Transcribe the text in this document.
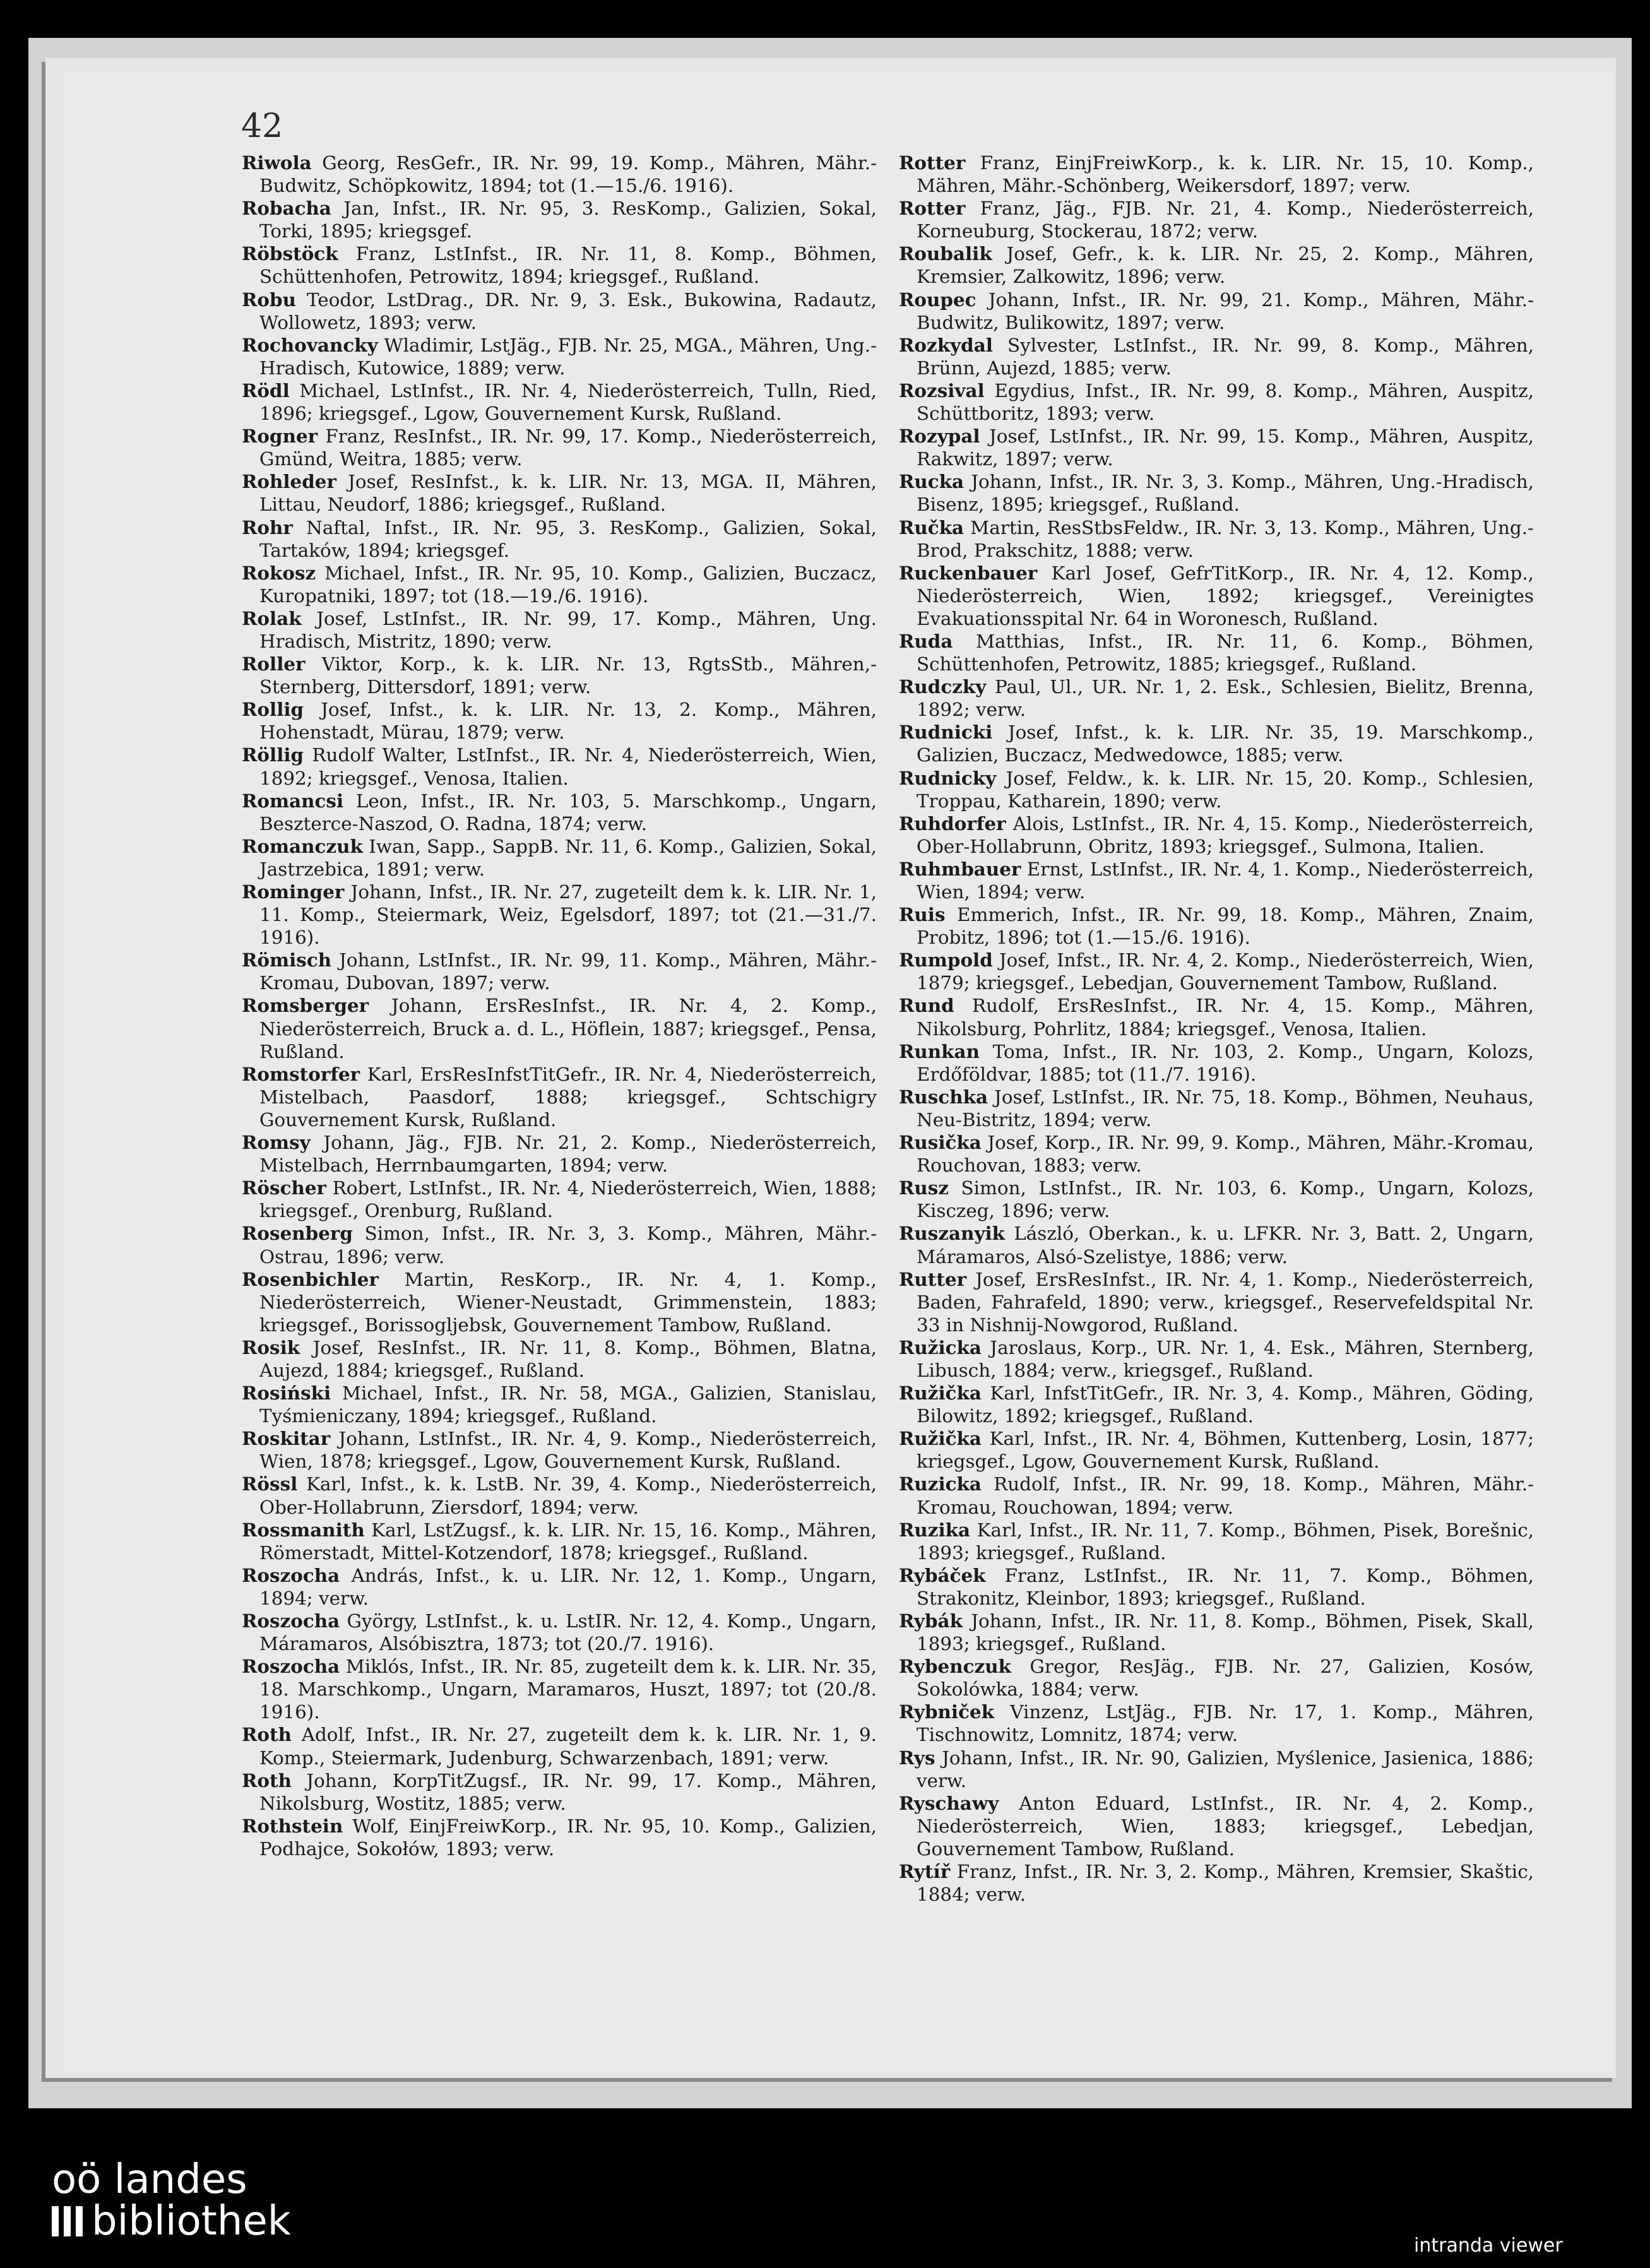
42
Riwola Georg, ResGefr., IR. Nr. 99, 19. Komp., Mähren, Mähr.-Budwitz, Schöpkowitz, 1894; tot (1.—15./6. 1916).
Robacha Jan, Infst., IR. Nr. 95, 3. ResKomp., Galizien, Sokal, Torki, 1895; kriegsgef.
Röbstöck Franz, LstInfst., IR. Nr. 11, 8. Komp., Böhmen, Schüttenhofen, Petrowitz, 1894; kriegsgef., Rußland.
Robu Teodor, LstDrag., DR. Nr. 9, 3. Esk., Bukowina, Radautz, Wollowetz, 1893; verw.
Rochovancky Wladimir, LstJäg., FJB. Nr. 25, MGA., Mähren, Ung.-Hradisch, Kutowice, 1889; verw.
Rödl Michael, LstInfst., IR. Nr. 4, Niederösterreich, Tulln, Ried, 1896; kriegsgef., Lgow, Gouvernement Kursk, Rußland.
Rogner Franz, ResInfst., IR. Nr. 99, 17. Komp., Niederösterreich, Gmünd, Weitra, 1885; verw.
Rohleder Josef, ResInfst., k. k. LIR. Nr. 13, MGA. II, Mähren, Littau, Neudorf, 1886; kriegsgef., Rußland.
Rohr Naftal, Infst., IR. Nr. 95, 3. ResKomp., Galizien, Sokal, Tartaków, 1894; kriegsgef.
Rokosz Michael, Infst., IR. Nr. 95, 10. Komp., Galizien, Buczacz, Kuropatniki, 1897; tot (18.—19./6. 1916).
Rolak Josef, LstInfst., IR. Nr. 99, 17. Komp., Mähren, Ung. Hradisch, Mistritz, 1890; verw.
Roller Viktor, Korp., k. k. LIR. Nr. 13, RgtsStb., Mähren,-Sternberg, Dittersdorf, 1891; verw.
Rollig Josef, Infst., k. k. LIR. Nr. 13, 2. Komp., Mähren, Hohenstadt, Mürau, 1879; verw.
Röllig Rudolf Walter, LstInfst., IR. Nr. 4, Niederösterreich, Wien, 1892; kriegsgef., Venosa, Italien.
Romancsi Leon, Infst., IR. Nr. 103, 5. Marschkomp., Ungarn, Beszterce-Naszod, O. Radna, 1874; verw.
Romanczuk Iwan, Sapp., SappB. Nr. 11, 6. Komp., Galizien, Sokal, Jastrzebica, 1891; verw.
Rominger Johann, Infst., IR. Nr. 27, zugeteilt dem k. k. LIR. Nr. 1, 11. Komp., Steiermark, Weiz, Egelsdorf, 1897; tot (21.—31./7. 1916).
Römisch Johann, LstInfst., IR. Nr. 99, 11. Komp., Mähren, Mähr.-Kromau, Dubovan, 1897; verw.
Romsberger Johann, ErsResInfst., IR. Nr. 4, 2. Komp., Niederösterreich, Bruck a. d. L., Höflein, 1887; kriegsgef., Pensa, Rußland.
Romstorfer Karl, ErsResInfstTitGefr., IR. Nr. 4, Niederösterreich, Mistelbach, Paasdorf, 1888; kriegsgef., Schtschigry Gouvernement Kursk, Rußland.
Romsy Johann, Jäg., FJB. Nr. 21, 2. Komp., Niederösterreich, Mistelbach, Herrnbaumgarten, 1894; verw.
Röscher Robert, LstInfst., IR. Nr. 4, Niederösterreich, Wien, 1888; kriegsgef., Orenburg, Rußland.
Rosenberg Simon, Infst., IR. Nr. 3, 3. Komp., Mähren, Mähr.-Ostrau, 1896; verw.
Rosenbichler Martin, ResKorp., IR. Nr. 4, 1. Komp., Niederösterreich, Wiener-Neustadt, Grimmenstein, 1883; kriegsgef., Borissogljebsk, Gouvernement Tambow, Rußland.
Rosik Josef, ResInfst., IR. Nr. 11, 8. Komp., Böhmen, Blatna, Aujezd, 1884; kriegsgef., Rußland.
Rosiński Michael, Infst., IR. Nr. 58, MGA., Galizien, Stanislau, Tyśmieniczany, 1894; kriegsgef., Rußland.
Roskitar Johann, LstInfst., IR. Nr. 4, 9. Komp., Niederösterreich, Wien, 1878; kriegsgef., Lgow, Gouvernement Kursk, Rußland.
Rössl Karl, Infst., k. k. LstB. Nr. 39, 4. Komp., Niederösterreich, Ober-Hollabrunn, Ziersdorf, 1894; verw.
Rossmanith Karl, LstZugsf., k. k. LIR. Nr. 15, 16. Komp., Mähren, Römerstadt, Mittel-Kotzendorf, 1878; kriegsgef., Rußland.
Roszocha András, Infst., k. u. LIR. Nr. 12, 1. Komp., Ungarn, 1894; verw.
Roszocha György, LstInfst., k. u. LstIR. Nr. 12, 4. Komp., Ungarn, Máramaros, Alsóbisztra, 1873; tot (20./7. 1916).
Roszocha Miklós, Infst., IR. Nr. 85, zugeteilt dem k. k. LIR. Nr. 35, 18. Marschkomp., Ungarn, Maramaros, Huszt, 1897; tot (20./8. 1916).
Roth Adolf, Infst., IR. Nr. 27, zugeteilt dem k. k. LIR. Nr. 1, 9. Komp., Steiermark, Judenburg, Schwarzenbach, 1891; verw.
Roth Johann, KorpTitZugsf., IR. Nr. 99, 17. Komp., Mähren, Nikolsburg, Wostitz, 1885; verw.
Rothstein Wolf, EinjFreiwKorp., IR. Nr. 95, 10. Komp., Galizien, Podhajce, Sokołów, 1893; verw.
Rotter Franz, EinjFreiwKorp., k. k. LIR. Nr. 15, 10. Komp., Mähren, Mähr.-Schönberg, Weikersdorf, 1897; verw.
Rotter Franz, Jäg., FJB. Nr. 21, 4. Komp., Niederösterreich, Korneuburg, Stockerau, 1872; verw.
Roubalik Josef, Gefr., k. k. LIR. Nr. 25, 2. Komp., Mähren, Kremsier, Zalkowitz, 1896; verw.
Roupec Johann, Infst., IR. Nr. 99, 21. Komp., Mähren, Mähr.-Budwitz, Bulikowitz, 1897; verw.
Rozkydal Sylvester, LstInfst., IR. Nr. 99, 8. Komp., Mähren, Brünn, Aujezd, 1885; verw.
Rozsival Egydius, Infst., IR. Nr. 99, 8. Komp., Mähren, Auspitz, Schüttboritz, 1893; verw.
Rozypal Josef, LstInfst., IR. Nr. 99, 15. Komp., Mähren, Auspitz, Rakwitz, 1897; verw.
Rucka Johann, Infst., IR. Nr. 3, 3. Komp., Mähren, Ung.-Hradisch, Bisenz, 1895; kriegsgef., Rußland.
Ručka Martin, ResStbsFeldw., IR. Nr. 3, 13. Komp., Mähren, Ung.-Brod, Prakschitz, 1888; verw.
Ruckenbauer Karl Josef, GefrTitKorp., IR. Nr. 4, 12. Komp., Niederösterreich, Wien, 1892; kriegsgef., Vereinigtes Evakuationsspital Nr. 64 in Woronesch, Rußland.
Ruda Matthias, Infst., IR. Nr. 11, 6. Komp., Böhmen, Schüttenhofen, Petrowitz, 1885; kriegsgef., Rußland.
Rudczky Paul, Ul., UR. Nr. 1, 2. Esk., Schlesien, Bielitz, Brenna, 1892; verw.
Rudnicki Josef, Infst., k. k. LIR. Nr. 35, 19. Marschkomp., Galizien, Buczacz, Medwedowce, 1885; verw.
Rudnicky Josef, Feldw., k. k. LIR. Nr. 15, 20. Komp., Schlesien, Troppau, Katharein, 1890; verw.
Ruhdorfer Alois, LstInfst., IR. Nr. 4, 15. Komp., Niederösterreich, Ober-Hollabrunn, Obritz, 1893; kriegsgef., Sulmona, Italien.
Ruhmbauer Ernst, LstInfst., IR. Nr. 4, 1. Komp., Niederösterreich, Wien, 1894; verw.
Ruis Emmerich, Infst., IR. Nr. 99, 18. Komp., Mähren, Znaim, Probitz, 1896; tot (1.—15./6. 1916).
Rumpold Josef, Infst., IR. Nr. 4, 2. Komp., Niederösterreich, Wien, 1879; kriegsgef., Lebedjan, Gouvernement Tambow, Rußland.
Rund Rudolf, ErsResInfst., IR. Nr. 4, 15. Komp., Mähren, Nikolsburg, Pohrlitz, 1884; kriegsgef., Venosa, Italien.
Runkan Toma, Infst., IR. Nr. 103, 2. Komp., Ungarn, Kolozs, Erdőföldvar, 1885; tot (11./7. 1916).
Ruschka Josef, LstInfst., IR. Nr. 75, 18. Komp., Böhmen, Neuhaus, Neu-Bistritz, 1894; verw.
Rusička Josef, Korp., IR. Nr. 99, 9. Komp., Mähren, Mähr.-Kromau, Rouchovan, 1883; verw.
Rusz Simon, LstInfst., IR. Nr. 103, 6. Komp., Ungarn, Kolozs, Kisczeg, 1896; verw.
Ruszanyik László, Oberkan., k. u. LFKR. Nr. 3, Batt. 2, Ungarn, Máramaros, Alsó-Szelistye, 1886; verw.
Rutter Josef, ErsResInfst., IR. Nr. 4, 1. Komp., Niederösterreich, Baden, Fahrafeld, 1890; verw., kriegsgef., Reservefeldspital Nr. 33 in Nishnij-Nowgorod, Rußland.
Ružicka Jaroslaus, Korp., UR. Nr. 1, 4. Esk., Mähren, Sternberg, Libusch, 1884; verw., kriegsgef., Rußland.
Ružička Karl, InfstTitGefr., IR. Nr. 3, 4. Komp., Mähren, Göding, Bilowitz, 1892; kriegsgef., Rußland.
Ružička Karl, Infst., IR. Nr. 4, Böhmen, Kuttenberg, Losin, 1877; kriegsgef., Lgow, Gouvernement Kursk, Rußland.
Ruzicka Rudolf, Infst., IR. Nr. 99, 18. Komp., Mähren, Mähr.-Kromau, Rouchowan, 1894; verw.
Ruzika Karl, Infst., IR. Nr. 11, 7. Komp., Böhmen, Pisek, Borešnic, 1893; kriegsgef., Rußland.
Rybáček Franz, LstInfst., IR. Nr. 11, 7. Komp., Böhmen, Strakonitz, Kleinbor, 1893; kriegsgef., Rußland.
Rybák Johann, Infst., IR. Nr. 11, 8. Komp., Böhmen, Pisek, Skall, 1893; kriegsgef., Rußland.
Rybenczuk Gregor, ResJäg., FJB. Nr. 27, Galizien, Kosów, Sokolówka, 1884; verw.
Rybniček Vinzenz, LstJäg., FJB. Nr. 17, 1. Komp., Mähren, Tischnowitz, Lomnitz, 1874; verw.
Rys Johann, Infst., IR. Nr. 90, Galizien, Myślenice, Jasienica, 1886; verw.
Ryschawy Anton Eduard, LstInfst., IR. Nr. 4, 2. Komp., Niederösterreich, Wien, 1883; kriegsgef., Lebedjan, Gouvernement Tambow, Rußland.
Rytíř Franz, Infst., IR. Nr. 3, 2. Komp., Mähren, Kremsier, Skaštic, 1884; verw.
oö landes
bibliothek
intranda viewer
